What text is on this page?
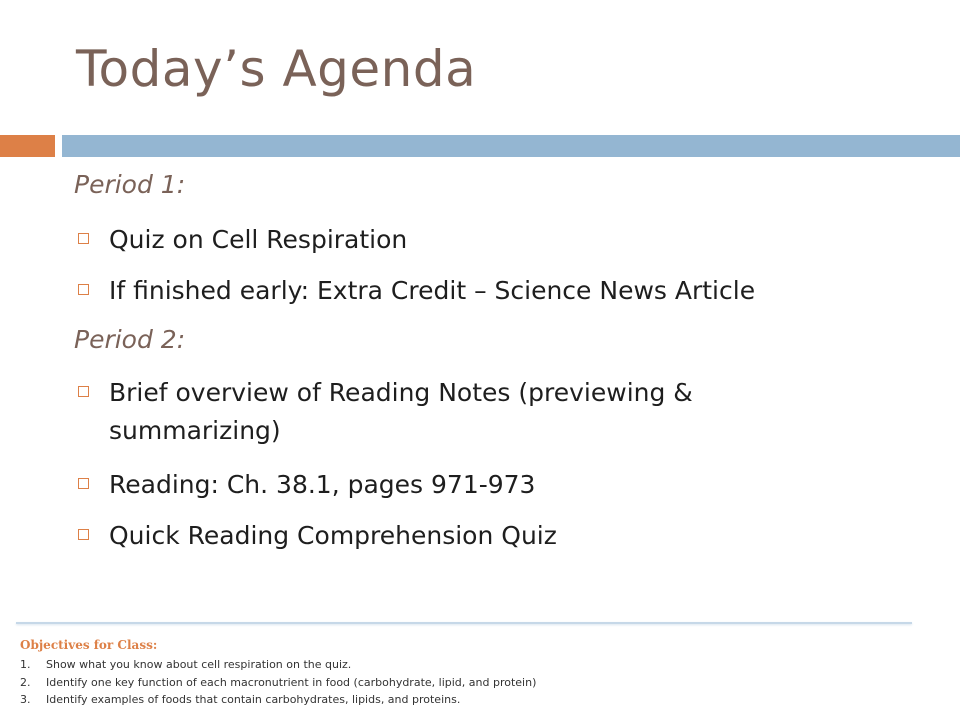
Today’s Agenda
Period 1:
Quiz on Cell Respiration
If finished early: Extra Credit – Science News Article
Period 2:
Brief overview of Reading Notes (previewing & summarizing)
Reading: Ch. 38.1, pages 971-973
Quick Reading Comprehension Quiz
Objectives for Class:
1. Show what you know about cell respiration on the quiz.
2. Identify one key function of each macronutrient in food (carbohydrate, lipid, and protein)
3. Identify examples of foods that contain carbohydrates, lipids, and proteins.
